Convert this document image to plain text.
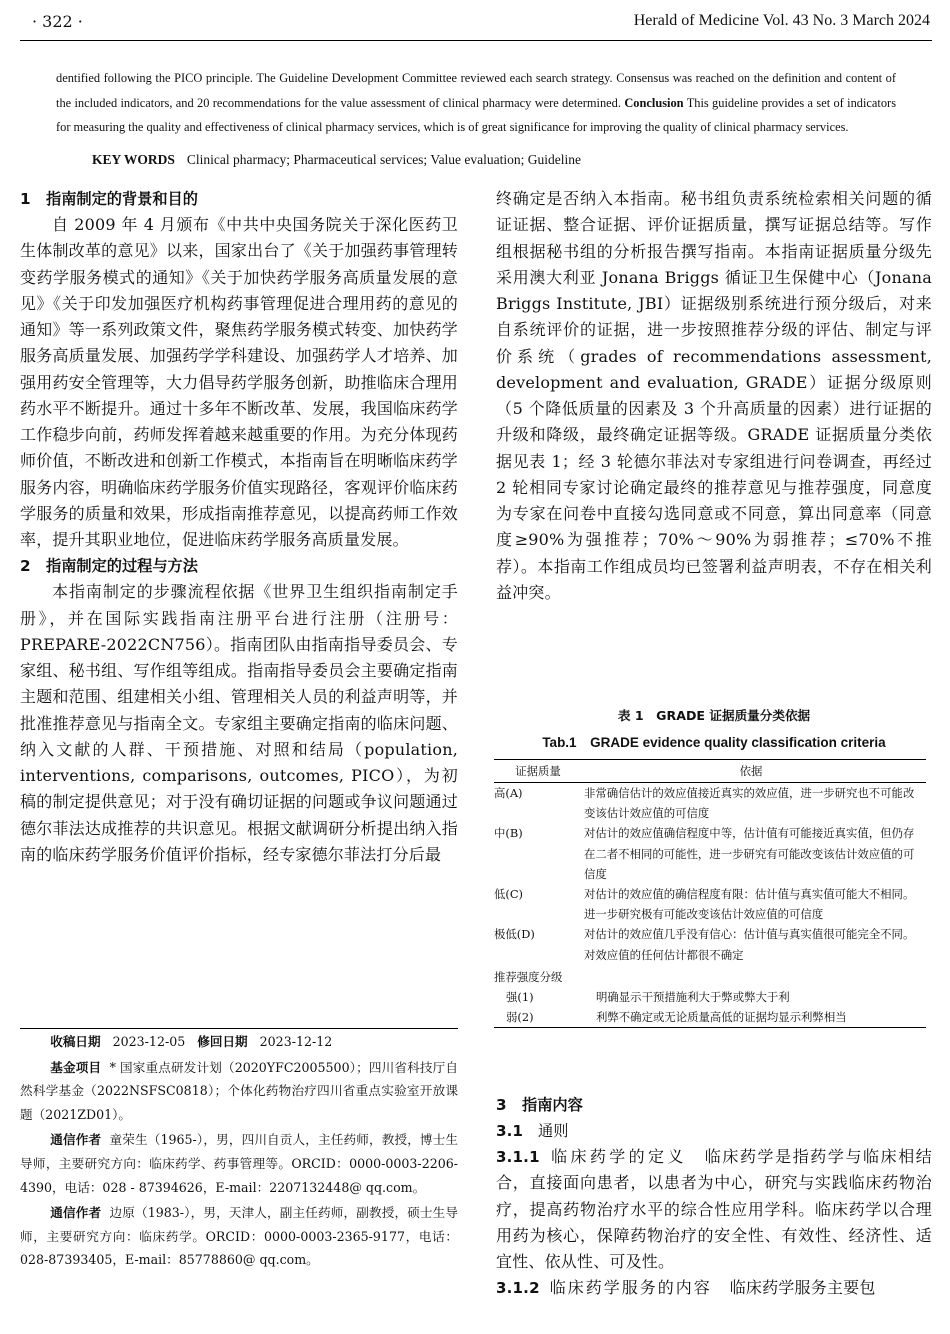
· 322 ·	Herald of Medicine Vol. 43 No. 3 March 2024
dentified following the PICO principle. The Guideline Development Committee reviewed each search strategy. Consensus was reached on the definition and content of the included indicators, and 20 recommendations for the value assessment of clinical pharmacy were determined. Conclusion This guideline provides a set of indicators for measuring the quality and effectiveness of clinical pharmacy services, which is of great significance for improving the quality of clinical pharmacy services.
KEY WORDS Clinical pharmacy; Pharmaceutical services; Value evaluation; Guideline
1 指南制定的背景和目的

自 2009 年 4 月颁布《中共中央国务院关于深化医药卫生体制改革的意见》以来，国家出台了《关于加强药事管理转变药学服务模式的通知》《关于加快药学服务高质量发展的意见》《关于印发加强医疗机构药事管理促进合理用药的意见的通知》等一系列政策文件，聚焦药学服务模式转变、加快药学服务高质量发展、加强药学学科建设、加强药学人才培养、加强用药安全管理等，大力倡导药学服务创新，助推临床合理用药水平不断提升。通过十多年不断改革、发展，我国临床药学工作稳步向前，药师发挥着越来越重要的作用。为充分体现药师价值，不断改进和创新工作模式，本指南旨在明晰临床药学服务内容，明确临床药学服务价值实现路径，客观评价临床药学服务的质量和效果，形成指南推荐意见，以提高药师工作效率，提升其职业地位，促进临床药学服务高质量发展。

2 指南制定的过程与方法

本指南制定的步骤流程依据《世界卫生组织指南制定手册》，并在国际实践指南注册平台进行注册（注册号：PREPARE-2022CN756）。指南团队由指南指导委员会、专家组、秘书组、写作组等组成。指南指导委员会主要确定指南主题和范围、组建相关小组、管理相关人员的利益声明等，并批准推荐意见与指南全文。专家组主要确定指南的临床问题、纳入文献的人群、干预措施、对照和结局（population, interventions, comparisons, outcomes, PICO），为初稿的制定提供意见；对于没有确切证据的问题或争议问题通过德尔菲法达成推荐的共识意见。根据文献调研分析提出纳入指南的临床药学服务价值评价指标，经专家德尔菲法打分后最

收稿日期 2023-12-05 修回日期 2023-12-12

基金项目 * 国家重点研发计划（2020YFC2005500）；四川省科技厅自然科学基金（2022NSFSC0818）；个体化药物治疗四川省重点实验室开放课题（2021ZD01）。

通信作者 童荣生（1965-），男，四川自贡人，主任药师，教授，博士生导师，主要研究方向：临床药学、药事管理等。ORCID：0000-0003-2206-4390，电话：028 - 87394626，E-mail：2207132448@ qq.com。

通信作者 边原（1983-），男，天津人，副主任药师，副教授，硕士生导师，主要研究方向：临床药学。ORCID：0000-0003-2365-9177，电话：028-87393405，E-mail：85778860@ qq.com。

终确定是否纳入本指南。秘书组负责系统检索相关问题的循证证据、整合证据、评价证据质量，撰写证据总结等。写作组根据秘书组的分析报告撰写指南。本指南证据质量分级先采用澳大利亚 Jonana Briggs 循证卫生保健中心（Jonana Briggs Institute, JBI）证据级别系统进行预分级后，对来自系统评价的证据，进一步按照推荐分级的评估、制定与评价系统（grades of recommendations assessment, development and evaluation, GRADE）证据分级原则（5 个降低质量的因素及 3 个升高质量的因素）进行证据的升级和降级，最终确定证据等级。GRADE 证据质量分类依据见表 1；经 3 轮德尔菲法对专家组进行问卷调查，再经过 2 轮相同专家讨论确定最终的推荐意见与推荐强度，同意度为专家在问卷中直接勾选同意或不同意，算出同意率（同意度≥90%为强推荐；70%～90%为弱推荐；≤70%不推荐）。本指南工作组成员均已签署利益声明表，不存在相关利益冲突。

表 1　GRADE 证据质量分类依据
Tab.1　GRADE evidence quality classification criteria
证据质量	依据
高(A)	非常确信估计的效应值接近真实的效应值，进一步研究也不可能改变该估计效应值的可信度
中(B)	对估计的效应值确信程度中等，估计值有可能接近真实值，但仍存在二者不相同的可能性，进一步研究有可能改变该估计效应值的可信度
低(C)	对估计的效应值的确信程度有限：估计值与真实值可能大不相同。进一步研究极有可能改变该估计效应值的可信度
极低(D)	对估计的效应值几乎没有信心：估计值与真实值很可能完全不同。对效应值的任何估计都很不确定
推荐强度分级
强(1)	明确显示干预措施利大于弊或弊大于利
弱(2)	利弊不确定或无论质量高低的证据均显示利弊相当
3 指南内容
3.1 通则

3.1.1 临床药学的定义 临床药学是指药学与临床相结合，直接面向患者，以患者为中心，研究与实践临床药物治疗，提高药物治疗水平的综合性应用学科。临床药学以合理用药为核心，保障药物治疗的安全性、有效性、经济性、适宜性、依从性、可及性。

3.1.2 临床药学服务的内容 临床药学服务主要包
